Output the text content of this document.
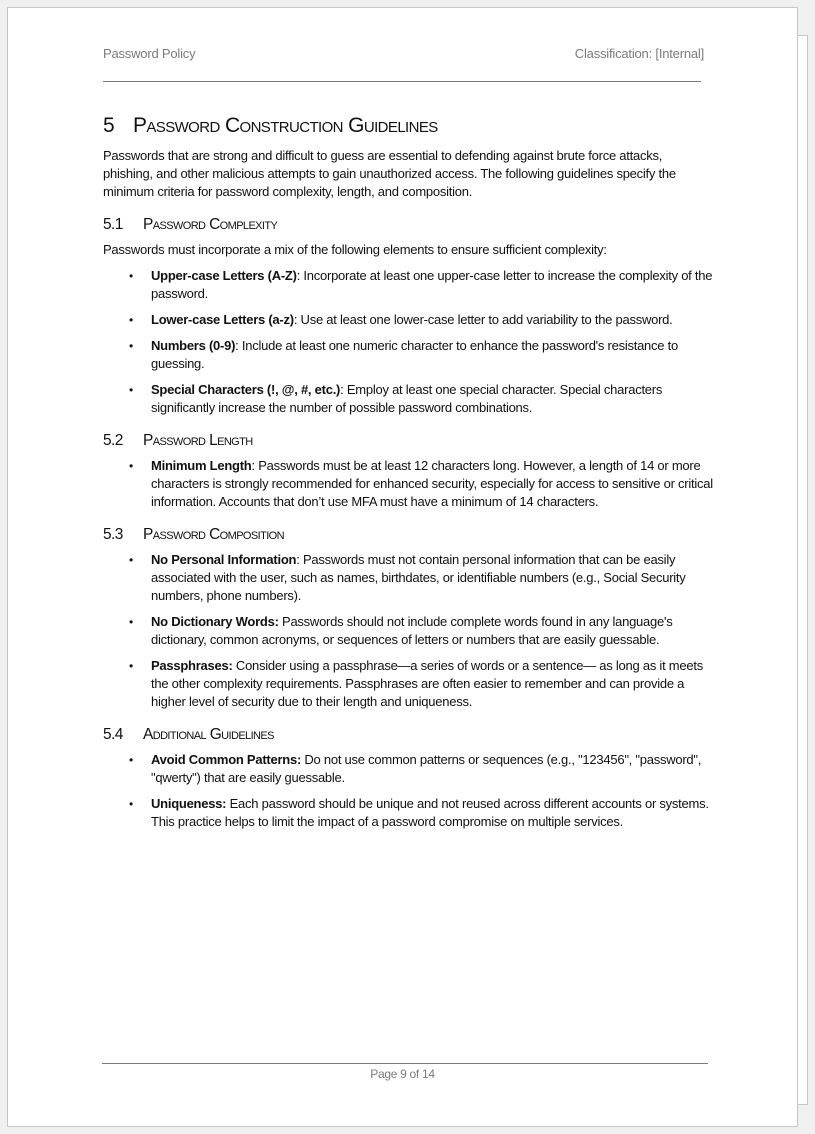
Password Policy	Classification: [Internal]
5 Password Construction Guidelines

Passwords that are strong and difficult to guess are essential to defending against brute force attacks, phishing, and other malicious attempts to gain unauthorized access. The following guidelines specify the minimum criteria for password complexity, length, and composition.

5.1 Password Complexity

Passwords must incorporate a mix of the following elements to ensure sufficient complexity:

• Upper-case Letters (A-Z): Incorporate at least one upper-case letter to increase the complexity of the password.
• Lower-case Letters (a-z): Use at least one lower-case letter to add variability to the password.
• Numbers (0-9): Include at least one numeric character to enhance the password's resistance to guessing.
• Special Characters (!, @, #, etc.): Employ at least one special character. Special characters significantly increase the number of possible password combinations.
5.2 Password Length
• Minimum Length: Passwords must be at least 12 characters long. However, a length of 14 or more characters is strongly recommended for enhanced security, especially for access to sensitive or critical information. Accounts that don’t use MFA must have a minimum of 14 characters.
5.3 Password Composition
• No Personal Information: Passwords must not contain personal information that can be easily associated with the user, such as names, birthdates, or identifiable numbers (e.g., Social Security numbers, phone numbers).
• No Dictionary Words: Passwords should not include complete words found in any language's dictionary, common acronyms, or sequences of letters or numbers that are easily guessable.
• Passphrases: Consider using a passphrase—a series of words or a sentence— as long as it meets the other complexity requirements. Passphrases are often easier to remember and can provide a higher level of security due to their length and uniqueness.
5.4 Additional Guidelines
• Avoid Common Patterns: Do not use common patterns or sequences (e.g., "123456", "password", "qwerty") that are easily guessable.
• Uniqueness: Each password should be unique and not reused across different accounts or systems. This practice helps to limit the impact of a password compromise on multiple services.
Page 9 of 14
